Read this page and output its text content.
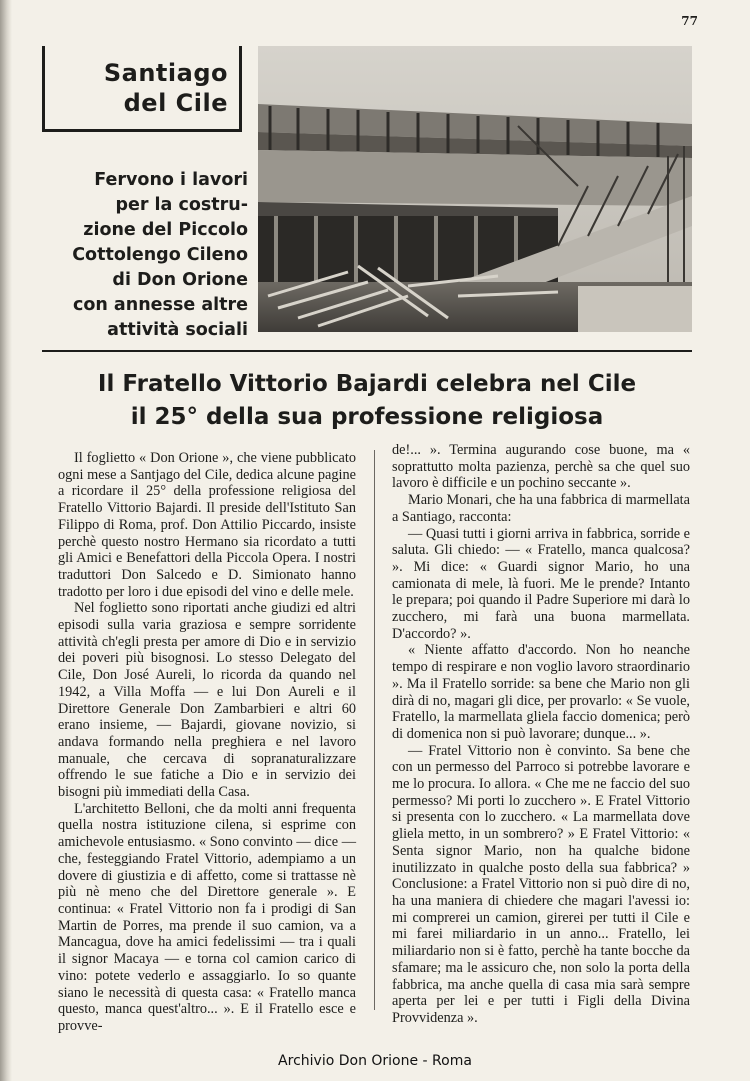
77
Santiago
del Cile
Fervono i lavori
per la costru-
zione del Piccolo
Cottolengo Cileno
di Don Orione
con annesse altre
attività sociali
Il Fratello Vittorio Bajardi celebra nel Cile
il 25° della sua professione religiosa

Il foglietto « Don Orione », che viene pubblicato ogni mese a Santjago del Cile, dedica alcune pagine a ricordare il 25° della professione religiosa del Fratello Vittorio Bajardi. Il preside dell'Istituto San Filippo di Roma, prof. Don Attilio Piccardo, insiste perchè questo nostro Hermano sia ricordato a tutti gli Amici e Benefattori della Piccola Opera. I nostri traduttori Don Salcedo e D. Simionato hanno tradotto per loro i due episodi del vino e delle mele.

Nel foglietto sono riportati anche giudizi ed altri episodi sulla varia graziosa e sempre sorridente attività ch'egli presta per amore di Dio e in servizio dei poveri più bisognosi. Lo stesso Delegato del Cile, Don José Aureli, lo ricorda da quando nel 1942, a Villa Moffa — e lui Don Aureli e il Direttore Generale Don Zambarbieri e altri 60 erano insieme, — Bajardi, giovane novizio, si andava formando nella preghiera e nel lavoro manuale, che cercava di sopranaturalizzare offrendo le sue fatiche a Dio e in servizio dei bisogni più immediati della Casa.

L'architetto Belloni, che da molti anni frequenta quella nostra istituzione cilena, si esprime con amichevole entusiasmo. « Sono convinto — dice — che, festeggiando Fratel Vittorio, adempiamo a un dovere di giustizia e di affetto, come si trattasse nè più nè meno che del Direttore generale ». E continua: « Fratel Vittorio non fa i prodigi di San Martin de Porres, ma prende il suo camion, va a Mancagua, dove ha amici fedelissimi — tra i quali il signor Macaya — e torna col camion carico di vino: potete vederlo e assaggiarlo. Io so quante siano le necessità di questa casa: « Fratello manca questo, manca quest'altro... ». E il Fratello esce e provve-

de!... ». Termina augurando cose buone, ma « soprattutto molta pazienza, perchè sa che quel suo lavoro è difficile e un pochino seccante ».

Mario Monari, che ha una fabbrica di marmellata a Santiago, racconta:

— Quasi tutti i giorni arriva in fabbrica, sorride e saluta. Gli chiedo: — « Fratello, manca qualcosa? ». Mi dice: « Guardi signor Mario, ho una camionata di mele, là fuori. Me le prende? Intanto le prepara; poi quando il Padre Superiore mi darà lo zucchero, mi farà una buona marmellata. D'accordo? ».

« Niente affatto d'accordo. Non ho neanche tempo di respirare e non voglio lavoro straordinario ». Ma il Fratello sorride: sa bene che Mario non gli dirà di no, magari gli dice, per provarlo: « Se vuole, Fratello, la marmellata gliela faccio domenica; però di domenica non si può lavorare; dunque... ».

— Fratel Vittorio non è convinto. Sa bene che con un permesso del Parroco si potrebbe lavorare e me lo procura. Io allora. « Che me ne faccio del suo permesso? Mi porti lo zucchero ». E Fratel Vittorio si presenta con lo zucchero. « La marmellata dove gliela metto, in un sombrero? » E Fratel Vittorio: « Senta signor Mario, non ha qualche bidone inutilizzato in qualche posto della sua fabbrica? » Conclusione: a Fratel Vittorio non si può dire di no, ha una maniera di chiedere che magari l'avessi io: mi comprerei un camion, girerei per tutti il Cile e mi farei miliardario in un anno... Fratello, lei miliardario non si è fatto, perchè ha tante bocche da sfamare; ma le assicuro che, non solo la porta della fabbrica, ma anche quella di casa mia sarà sempre aperta per lei e per tutti i Figli della Divina Provvidenza ».

Archivio Don Orione - Roma
